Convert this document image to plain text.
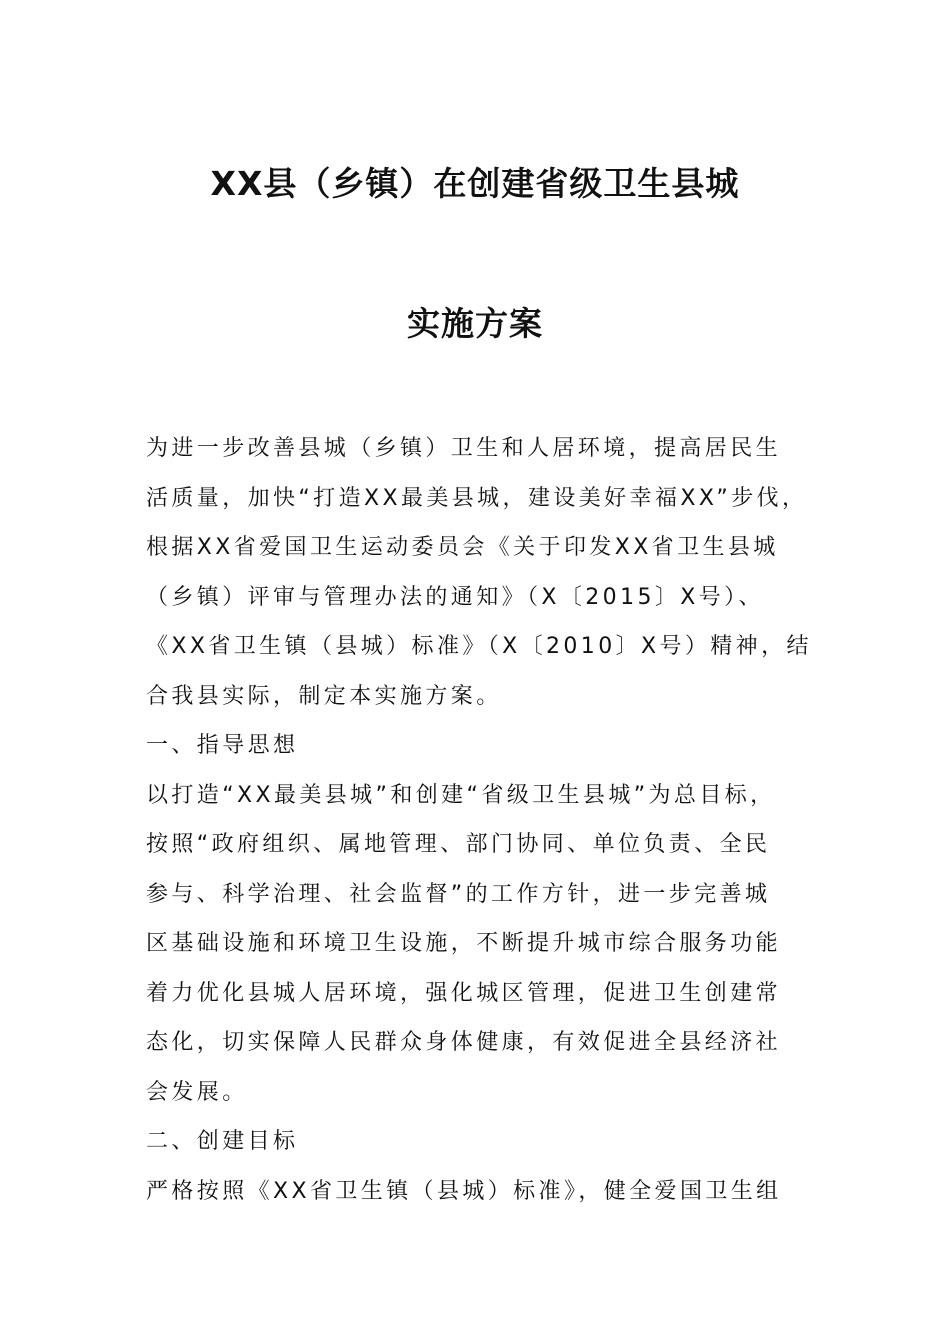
XX县（乡镇）在创建省级卫生县城
实施方案
为进一步改善县城（乡镇）卫生和人居环境，提高居民生
活质量，加快“打造XX最美县城，建设美好幸福XX”步伐，
根据XX省爱国卫生运动委员会《关于印发XX省卫生县城
（乡镇）评审与管理办法的通知》（X〔2015〕X号）、
《XX省卫生镇（县城）标准》（X〔2010〕X号）精神，结
合我县实际，制定本实施方案。
一、指导思想
以打造“XX最美县城”和创建“省级卫生县城”为总目标，
按照“政府组织、属地管理、部门协同、单位负责、全民
参与、科学治理、社会监督”的工作方针，进一步完善城
区基础设施和环境卫生设施，不断提升城市综合服务功能
着力优化县城人居环境，强化城区管理，促进卫生创建常
态化，切实保障人民群众身体健康，有效促进全县经济社
会发展。
二、创建目标
严格按照《XX省卫生镇（县城）标准》，健全爱国卫生组
